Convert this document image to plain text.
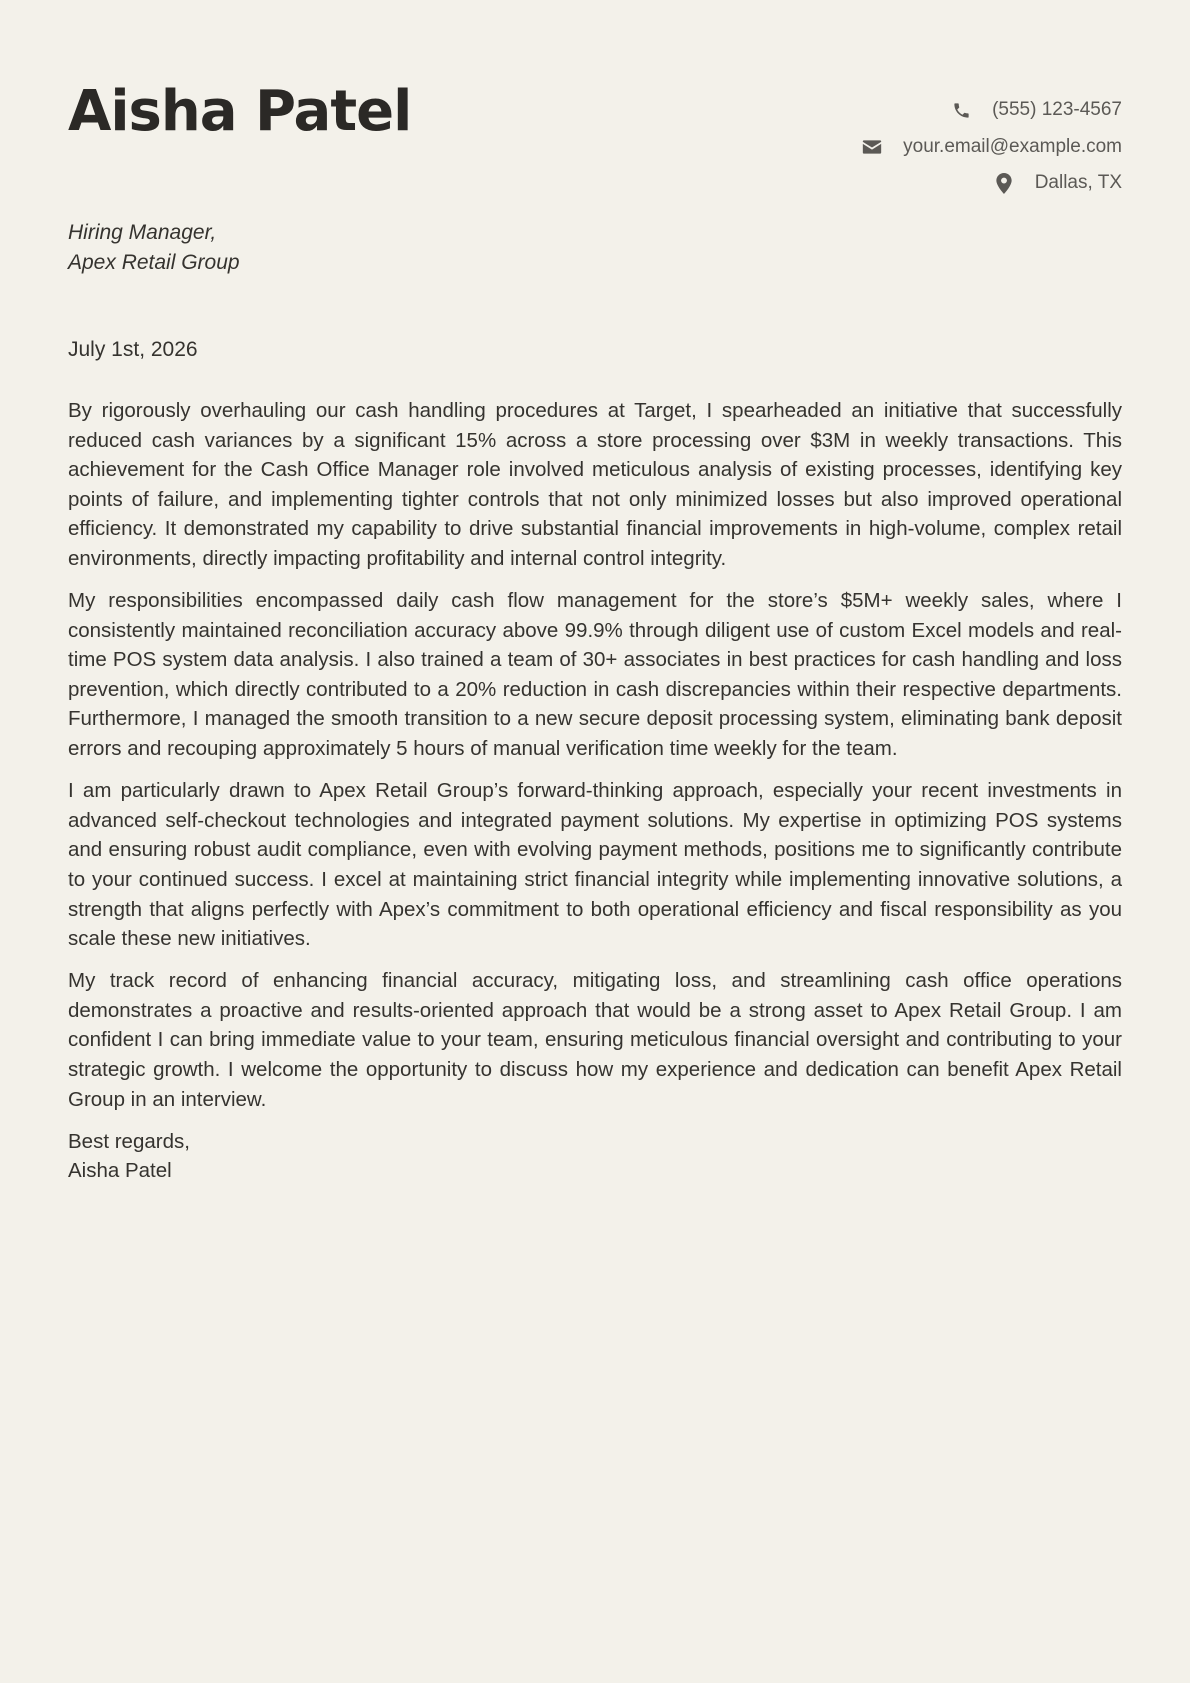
Aisha Patel	(555) 123-4567
your.email@example.com
Dallas, TX
Hiring Manager,
Apex Retail Group
July 1st, 2026

By rigorously overhauling our cash handling procedures at Target, I spearheaded an initiative that successfully reduced cash variances by a significant 15% across a store processing over $3M in weekly transactions. This achievement for the Cash Office Manager role involved meticulous analysis of existing processes, identifying key points of failure, and implementing tighter controls that not only minimized losses but also improved operational efficiency. It demonstrated my capability to drive substantial financial improvements in high-volume, complex retail environments, directly impacting profitability and internal control integrity.

My responsibilities encompassed daily cash flow management for the store’s $5M+ weekly sales, where I consistently maintained reconciliation accuracy above 99.9% through diligent use of custom Excel models and real-time POS system data analysis. I also trained a team of 30+ associates in best practices for cash handling and loss prevention, which directly contributed to a 20% reduction in cash discrepancies within their respective departments. Furthermore, I managed the smooth transition to a new secure deposit processing system, eliminating bank deposit errors and recouping approximately 5 hours of manual verification time weekly for the team.

I am particularly drawn to Apex Retail Group’s forward-thinking approach, especially your recent investments in advanced self-checkout technologies and integrated payment solutions. My expertise in optimizing POS systems and ensuring robust audit compliance, even with evolving payment methods, positions me to significantly contribute to your continued success. I excel at maintaining strict financial integrity while implementing innovative solutions, a strength that aligns perfectly with Apex’s commitment to both operational efficiency and fiscal responsibility as you scale these new initiatives.

My track record of enhancing financial accuracy, mitigating loss, and streamlining cash office operations demonstrates a proactive and results-oriented approach that would be a strong asset to Apex Retail Group. I am confident I can bring immediate value to your team, ensuring meticulous financial oversight and contributing to your strategic growth. I welcome the opportunity to discuss how my experience and dedication can benefit Apex Retail Group in an interview.

Best regards,
Aisha Patel
